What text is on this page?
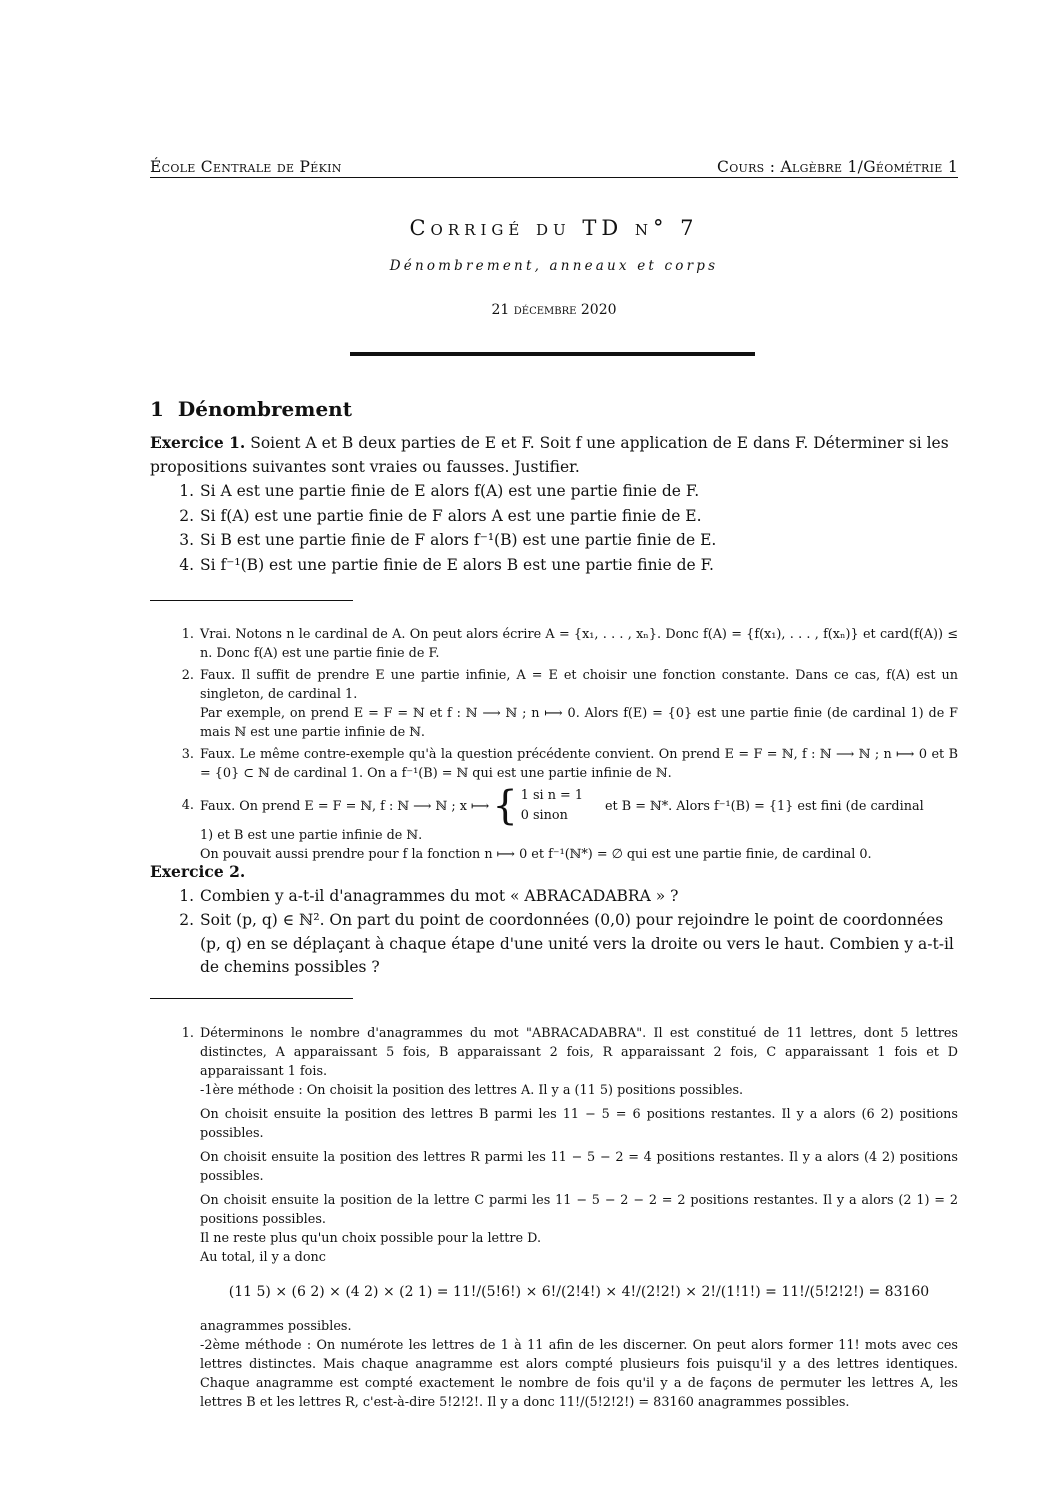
École Centrale de Pékin	Cours : Algèbre 1/Géométrie 1
Corrigé du TD n° 7
Dénombrement, anneaux et corps
21 décembre 2020
1 Dénombrement
Exercice 1. Soient A et B deux parties de E et F. Soit f une application de E dans F. Déterminer si les propositions suivantes sont vraies ou fausses. Justifier.
1. Si A est une partie finie de E alors f(A) est une partie finie de F.
2. Si f(A) est une partie finie de F alors A est une partie finie de E.
3. Si B est une partie finie de F alors f⁻¹(B) est une partie finie de E.
4. Si f⁻¹(B) est une partie finie de E alors B est une partie finie de F.
1. Vrai. Notons n le cardinal de A. On peut alors écrire A = {x₁, . . . , xₙ}. Donc f(A) = {f(x₁), . . . , f(xₙ)} et card(f(A)) ≤ n. Donc f(A) est une partie finie de F.

2. Faux. Il suffit de prendre E une partie infinie, A = E et choisir une fonction constante. Dans ce cas, f(A) est un singleton, de cardinal 1.

Par exemple, on prend E = F = ℕ et f : ℕ ⟶ ℕ ; n ⟼ 0. Alors f(E) = {0} est une partie finie (de cardinal 1) de F mais ℕ est une partie infinie de ℕ.

3. Faux. Le même contre-exemple qu'à la question précédente convient. On prend E = F = ℕ, f : ℕ ⟶ ℕ ; n ⟼ 0 et B = {0} ⊂ ℕ de cardinal 1. On a f⁻¹(B) = ℕ qui est une partie infinie de ℕ.

4. Faux. On prend E = F = ℕ, f : ℕ ⟶ ℕ ; x ⟼ { 1 si n = 1
0 sinon
et B = ℕ*. Alors f⁻¹(B) = {1} est fini (de cardinal

1) et B est une partie infinie de ℕ.

On pouvait aussi prendre pour f la fonction n ⟼ 0 et f⁻¹(ℕ*) = ∅ qui est une partie finie, de cardinal 0.

Exercice 2.
1. Combien y a-t-il d'anagrammes du mot « ABRACADABRA » ?
2. Soit (p, q) ∈ ℕ². On part du point de coordonnées (0,0) pour rejoindre le point de coordonnées (p, q) en se déplaçant à chaque étape d'une unité vers la droite ou vers le haut. Combien y a-t-il de chemins possibles ?
1. Déterminons le nombre d'anagrammes du mot "ABRACADABRA". Il est constitué de 11 lettres, dont 5 lettres distinctes, A apparaissant 5 fois, B apparaissant 2 fois, R apparaissant 2 fois, C apparaissant 1 fois et D apparaissant 1 fois.

-1ère méthode : On choisit la position des lettres A. Il y a (11 5) positions possibles.

On choisit ensuite la position des lettres B parmi les 11 − 5 = 6 positions restantes. Il y a alors (6 2) positions possibles.

On choisit ensuite la position des lettres R parmi les 11 − 5 − 2 = 4 positions restantes. Il y a alors (4 2) positions possibles.

On choisit ensuite la position de la lettre C parmi les 11 − 5 − 2 − 2 = 2 positions restantes. Il y a alors (2 1) = 2 positions possibles.

Il ne reste plus qu'un choix possible pour la lettre D.

Au total, il y a donc

(11 5) × (6 2) × (4 2) × (2 1) = 11!/(5!6!) × 6!/(2!4!) × 4!/(2!2!) × 2!/(1!1!) = 11!/(5!2!2!) = 83160

anagrammes possibles.

-2ème méthode : On numérote les lettres de 1 à 11 afin de les discerner. On peut alors former 11! mots avec ces lettres distinctes. Mais chaque anagramme est alors compté plusieurs fois puisqu'il y a des lettres identiques. Chaque anagramme est compté exactement le nombre de fois qu'il y a de façons de permuter les lettres A, les lettres B et les lettres R, c'est-à-dire 5!2!2!. Il y a donc 11!/(5!2!2!) = 83160 anagrammes possibles.
